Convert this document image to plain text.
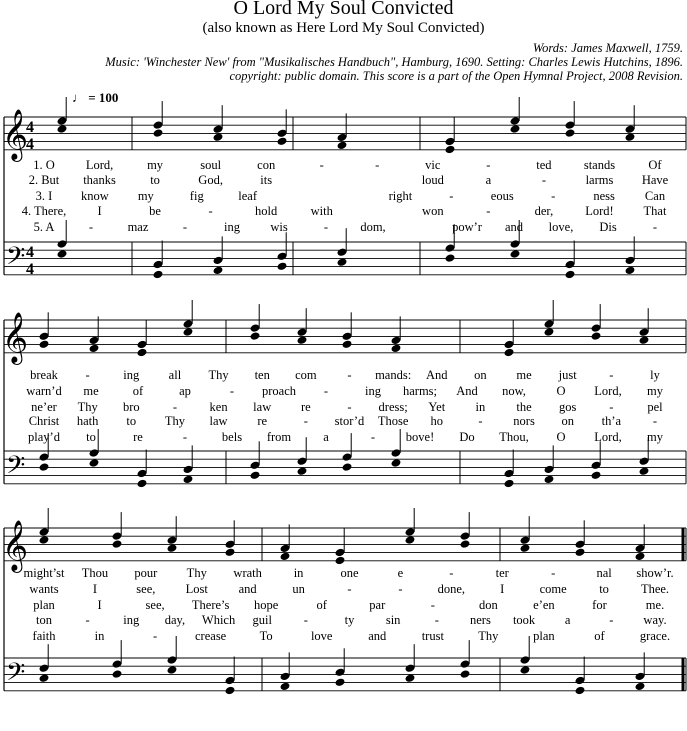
O Lord My Soul Convicted
(also known as Here Lord My Soul Convicted)
Words: James Maxwell, 1759.
Music: 'Winchester New' from "Musikalisches Handbuch", Hamburg, 1690. Setting: Charles Lewis Hutchins, 1896.
copyright: public domain. This score is a part of the Open Hymnal Project, 2008 Revision.
♩ = 100
𝄞
4
4
𝄢 4
4
𝄞
𝄢
𝄞
𝄢
1. O Lord,	my	soul	con	-	-	vic	-	ted	stands	Of
2. But thanks	to	God,	its	loud	a	-	larms Have
3. I know my	fig	leaf	right	-	eous	-	ness Can
4. There, I	be	-	hold	with	won	-	der,	Lord! That
5. A	-	maz	-	ing wis	-	dom,	pow’r and love, Dis	-
break -	ing all Thy ten com - mands: And on me just	-	ly
warn’d me	of	ap	- proach -	ing harms; And now, O Lord, my
ne’er Thy bro	-	ken law re	- dress; Yet in the gos	-	pel
Christ hath to Thy law re	- stor’d Those ho	- nors on th’a	-
play’d to	re	-	bels from	a	- bove! Do Thou, O Lord, my
might’st Thou pour Thy wrath	in	one	e	-	ter	-	nal show’r.
wants	I	see, Lost and	un	-	-	done,	I	come	to	Thee.
plan	I	see, There’s hope	of	par	-	don	e’en	for	me.
ton	-	ing day, Which guil	-	ty	sin	- ners took a	- way.
faith	in	-	crease	To	love	and	trust	Thy	plan	of	grace.
